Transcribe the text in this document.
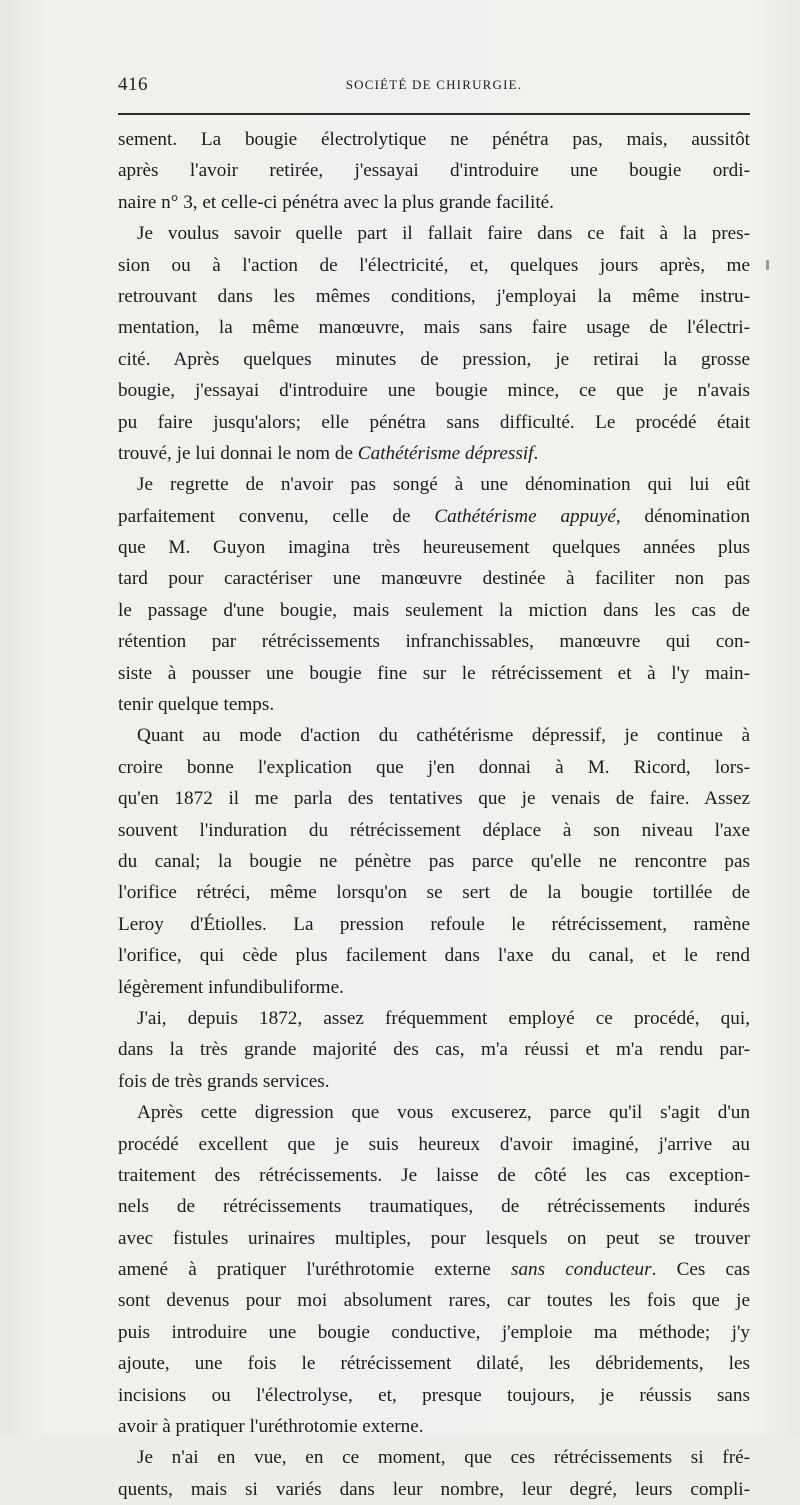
416	SOCIÉTÉ DE CHIRURGIE.
sement. La bougie électrolytique ne pénétra pas, mais, aussitôt
après l'avoir retirée, j'essayai d'introduire une bougie ordi-
naire n° 3, et celle-ci pénétra avec la plus grande facilité.
Je voulus savoir quelle part il fallait faire dans ce fait à la pres-
sion ou à l'action de l'électricité, et, quelques jours après, me
retrouvant dans les mêmes conditions, j'employai la même instru-
mentation, la même manœuvre, mais sans faire usage de l'électri-
cité. Après quelques minutes de pression, je retirai la grosse
bougie, j'essayai d'introduire une bougie mince, ce que je n'avais
pu faire jusqu'alors; elle pénétra sans difficulté. Le procédé était
trouvé, je lui donnai le nom de Cathétérisme dépressif.
Je regrette de n'avoir pas songé à une dénomination qui lui eût
parfaitement convenu, celle de Cathétérisme appuyé, dénomination
que M. Guyon imagina très heureusement quelques années plus
tard pour caractériser une manœuvre destinée à faciliter non pas
le passage d'une bougie, mais seulement la miction dans les cas de
rétention par rétrécissements infranchissables, manœuvre qui con-
siste à pousser une bougie fine sur le rétrécissement et à l'y main-
tenir quelque temps.
Quant au mode d'action du cathétérisme dépressif, je continue à
croire bonne l'explication que j'en donnai à M. Ricord, lors-
qu'en 1872 il me parla des tentatives que je venais de faire. Assez
souvent l'induration du rétrécissement déplace à son niveau l'axe
du canal; la bougie ne pénètre pas parce qu'elle ne rencontre pas
l'orifice rétréci, même lorsqu'on se sert de la bougie tortillée de
Leroy d'Étiolles. La pression refoule le rétrécissement, ramène
l'orifice, qui cède plus facilement dans l'axe du canal, et le rend
légèrement infundibuliforme.
J'ai, depuis 1872, assez fréquemment employé ce procédé, qui,
dans la très grande majorité des cas, m'a réussi et m'a rendu par-
fois de très grands services.
Après cette digression que vous excuserez, parce qu'il s'agit d'un
procédé excellent que je suis heureux d'avoir imaginé, j'arrive au
traitement des rétrécissements. Je laisse de côté les cas exception-
nels de rétrécissements traumatiques, de rétrécissements indurés
avec fistules urinaires multiples, pour lesquels on peut se trouver
amené à pratiquer l'uréthrotomie externe sans conducteur. Ces cas
sont devenus pour moi absolument rares, car toutes les fois que je
puis introduire une bougie conductive, j'emploie ma méthode; j'y
ajoute, une fois le rétrécissement dilaté, les débridements, les
incisions ou l'électrolyse, et, presque toujours, je réussis sans
avoir à pratiquer l'uréthrotomie externe.
Je n'ai en vue, en ce moment, que ces rétrécissements si fré-
quents, mais si variés dans leur nombre, leur degré, leurs compli-
